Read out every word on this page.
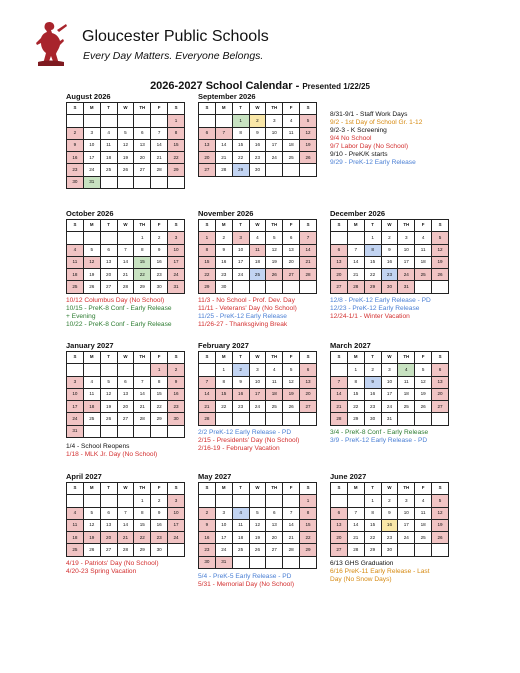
Gloucester Public Schools
Every Day Matters. Everyone Belongs.
2026-2027 School Calendar - Presented 1/22/25
August 2026
S	M	T	W	TH	F	S
						1
2	3	4	5	6	7	8
9	10	11	12	13	14	15
16	17	18	19	20	21	22
23	24	25	26	27	28	29
30	31					
September 2026
S	M	T	W	TH	F	S
		1	2	3	4	5
6	7	8	9	10	11	12
13	14	15	16	17	18	19
20	21	22	23	24	25	26
27	28	29	30			
October 2026
S	M	T	W	TH	F	S
				1	2	3
4	5	6	7	8	9	10
11	12	13	14	15	16	17
18	19	20	21	22	23	24
25	26	27	28	29	30	31
November 2026
S	M	T	W	TH	F	S
1	2	3	4	5	6	7
8	9	10	11	12	13	14
15	16	17	18	19	20	21
22	23	24	25	26	27	28
29	30					
December 2026
S	M	T	W	TH	F	S
		1	2	3	4	5
6	7	8	9	10	11	12
13	14	15	16	17	18	19
20	21	22	23	24	25	26
27	28	29	30	31		
January 2027
S	M	T	W	TH	F	S
					1	2
3	4	5	6	7	8	9
10	11	12	13	14	15	16
17	18	19	20	21	22	23
24	25	26	27	28	29	30
31						
February 2027
S	M	T	W	TH	F	S
	1	2	3	4	5	6
7	8	9	10	11	12	13
14	15	16	17	18	19	20
21	22	23	24	25	26	27
28						
March 2027
S	M	T	W	TH	F	S
	1	2	3	4	5	6
7	8	9	10	11	12	13
14	15	16	17	18	19	20
21	22	23	24	25	26	27
28	29	30	31			
April 2027
S	M	T	W	TH	F	S
				1	2	3
4	5	6	7	8	9	10
11	12	13	14	15	16	17
18	19	20	21	22	23	24
25	26	27	28	29	30	
May 2027
S	M	T	W	TH	F	S
						1
2	3	4	5	6	7	8
9	10	11	12	13	14	15
16	17	18	19	20	21	22
23	24	25	26	27	28	29
30	31					
June 2027
S	M	T	W	TH	F	S
		1	2	3	4	5
6	7	8	9	10	11	12
13	14	15	16	17	18	19
20	21	22	23	24	25	26
27	28	29	30			
8/31-9/1 - Staff Work Days
9/2 - 1st Day of School Gr. 1-12
9/2-3 - K Screening
9/4 No School
9/7 Labor Day (No School)
9/10 - PreK/K starts
9/29 - PreK-12 Early Release
10/12 Columbus Day (No School)
10/15 - PreK-8 Conf - Early Release
+ Evening
10/22 - PreK-8 Conf - Early Release
11/3 - No School - Prof. Dev. Day
11/11 - Veterans' Day (No School)
11/25 - PreK-12 Early Release
11/26-27 - Thanksgiving Break
12/8 - PreK-12 Early Release - PD
12/23 - PreK-12 Early Release
12/24-1/1 - Winter Vacation
1/4 - School Reopens
1/18 - MLK Jr. Day (No School)
2/2 PreK-12 Early Release - PD
2/15 - Presidents' Day (No School)
2/16-19 - February Vacation
3/4 - PreK-8 Conf - Early Release
3/9 - PreK-12 Early Release - PD
4/19 - Patriots' Day (No School)
4/20-23 Spring Vacation
5/4 - PreK-5 Early Release - PD
5/31 - Memorial Day (No School)
6/13 GHS Graduation
6/16 PreK-11 Early Release - Last
Day (No Snow Days)
